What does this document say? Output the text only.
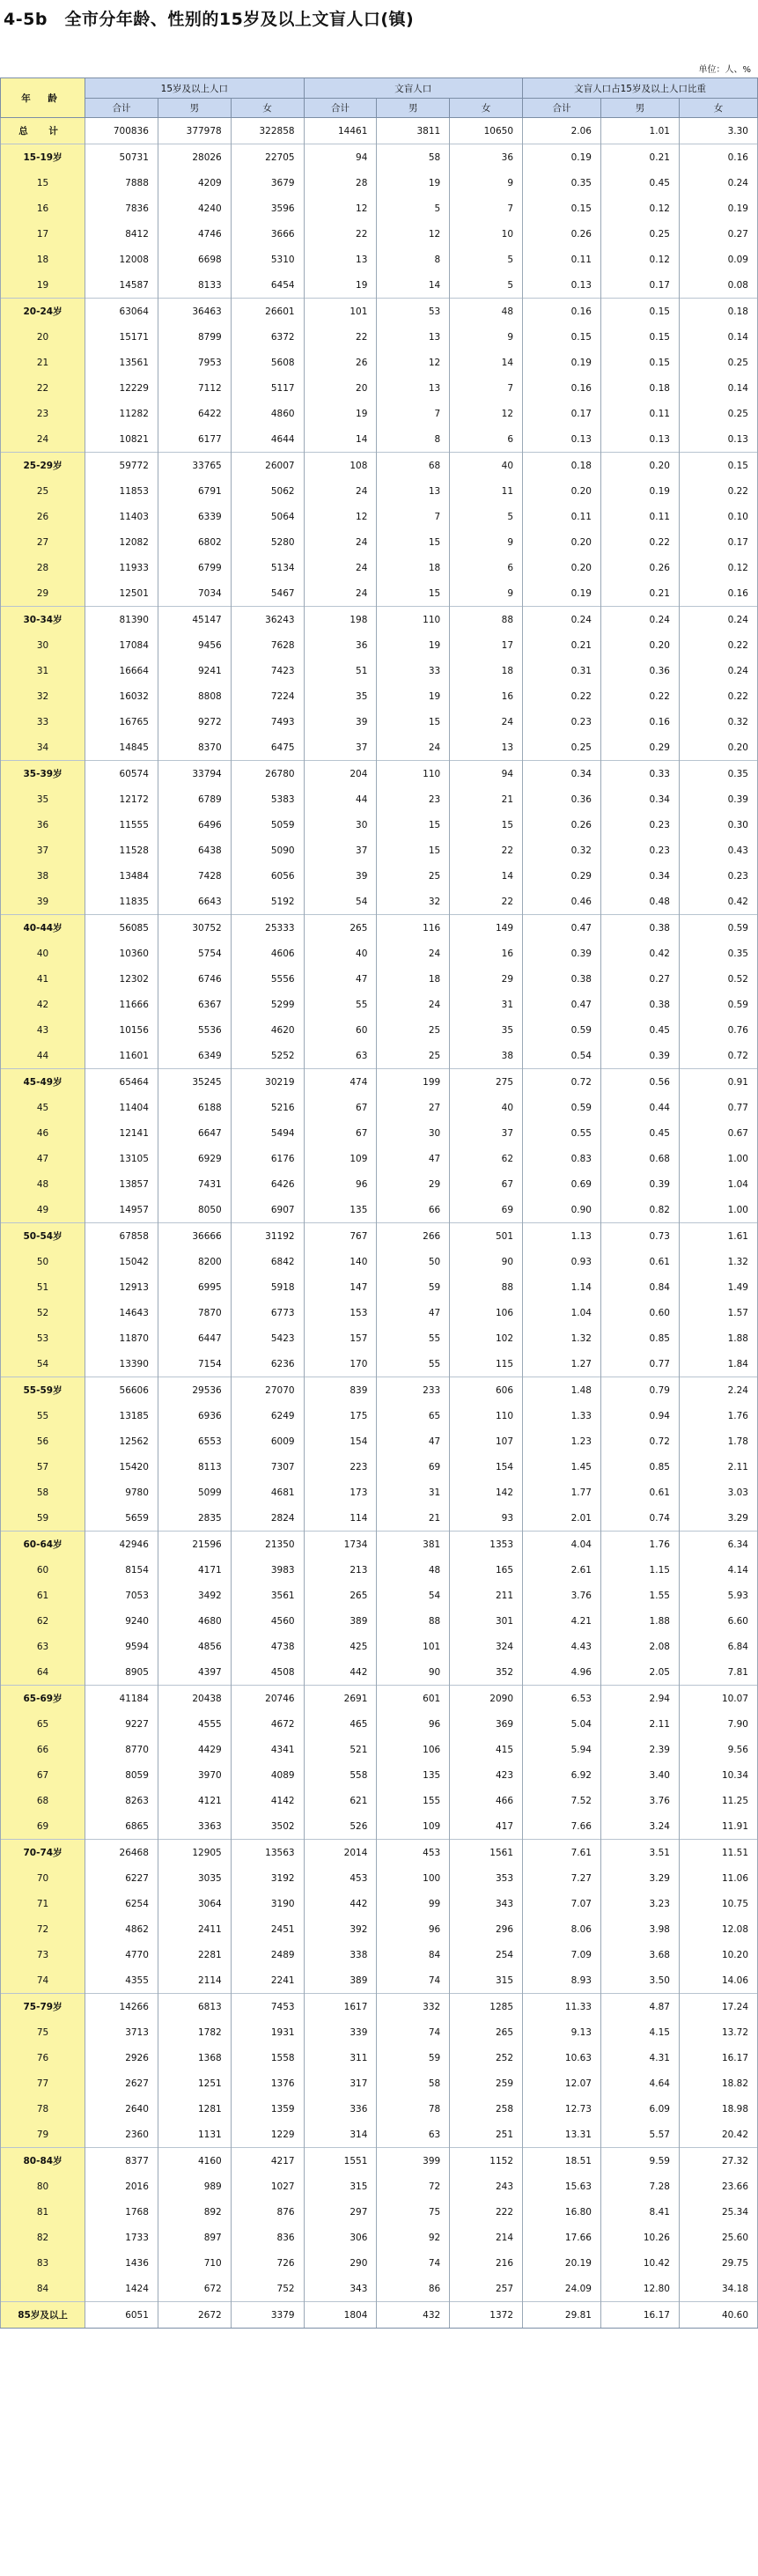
4-5b　全市分年龄、性别的15岁及以上文盲人口(镇)
单位：人、%
年 龄	15岁及以上人口			文盲人口			文盲人口占15岁及以上人口比重		
	合计	男	女	合计	男	女	合计	男	女
总 计	700836	377978	322858	14461	3811	10650	2.06	1.01	3.30
15-19岁	50731	28026	22705	94	58	36	0.19	0.21	0.16
15	7888	4209	3679	28	19	9	0.35	0.45	0.24
16	7836	4240	3596	12	5	7	0.15	0.12	0.19
17	8412	4746	3666	22	12	10	0.26	0.25	0.27
18	12008	6698	5310	13	8	5	0.11	0.12	0.09
19	14587	8133	6454	19	14	5	0.13	0.17	0.08
20-24岁	63064	36463	26601	101	53	48	0.16	0.15	0.18
20	15171	8799	6372	22	13	9	0.15	0.15	0.14
21	13561	7953	5608	26	12	14	0.19	0.15	0.25
22	12229	7112	5117	20	13	7	0.16	0.18	0.14
23	11282	6422	4860	19	7	12	0.17	0.11	0.25
24	10821	6177	4644	14	8	6	0.13	0.13	0.13
25-29岁	59772	33765	26007	108	68	40	0.18	0.20	0.15
25	11853	6791	5062	24	13	11	0.20	0.19	0.22
26	11403	6339	5064	12	7	5	0.11	0.11	0.10
27	12082	6802	5280	24	15	9	0.20	0.22	0.17
28	11933	6799	5134	24	18	6	0.20	0.26	0.12
29	12501	7034	5467	24	15	9	0.19	0.21	0.16
30-34岁	81390	45147	36243	198	110	88	0.24	0.24	0.24
30	17084	9456	7628	36	19	17	0.21	0.20	0.22
31	16664	9241	7423	51	33	18	0.31	0.36	0.24
32	16032	8808	7224	35	19	16	0.22	0.22	0.22
33	16765	9272	7493	39	15	24	0.23	0.16	0.32
34	14845	8370	6475	37	24	13	0.25	0.29	0.20
35-39岁	60574	33794	26780	204	110	94	0.34	0.33	0.35
35	12172	6789	5383	44	23	21	0.36	0.34	0.39
36	11555	6496	5059	30	15	15	0.26	0.23	0.30
37	11528	6438	5090	37	15	22	0.32	0.23	0.43
38	13484	7428	6056	39	25	14	0.29	0.34	0.23
39	11835	6643	5192	54	32	22	0.46	0.48	0.42
40-44岁	56085	30752	25333	265	116	149	0.47	0.38	0.59
40	10360	5754	4606	40	24	16	0.39	0.42	0.35
41	12302	6746	5556	47	18	29	0.38	0.27	0.52
42	11666	6367	5299	55	24	31	0.47	0.38	0.59
43	10156	5536	4620	60	25	35	0.59	0.45	0.76
44	11601	6349	5252	63	25	38	0.54	0.39	0.72
45-49岁	65464	35245	30219	474	199	275	0.72	0.56	0.91
45	11404	6188	5216	67	27	40	0.59	0.44	0.77
46	12141	6647	5494	67	30	37	0.55	0.45	0.67
47	13105	6929	6176	109	47	62	0.83	0.68	1.00
48	13857	7431	6426	96	29	67	0.69	0.39	1.04
49	14957	8050	6907	135	66	69	0.90	0.82	1.00
50-54岁	67858	36666	31192	767	266	501	1.13	0.73	1.61
50	15042	8200	6842	140	50	90	0.93	0.61	1.32
51	12913	6995	5918	147	59	88	1.14	0.84	1.49
52	14643	7870	6773	153	47	106	1.04	0.60	1.57
53	11870	6447	5423	157	55	102	1.32	0.85	1.88
54	13390	7154	6236	170	55	115	1.27	0.77	1.84
55-59岁	56606	29536	27070	839	233	606	1.48	0.79	2.24
55	13185	6936	6249	175	65	110	1.33	0.94	1.76
56	12562	6553	6009	154	47	107	1.23	0.72	1.78
57	15420	8113	7307	223	69	154	1.45	0.85	2.11
58	9780	5099	4681	173	31	142	1.77	0.61	3.03
59	5659	2835	2824	114	21	93	2.01	0.74	3.29
60-64岁	42946	21596	21350	1734	381	1353	4.04	1.76	6.34
60	8154	4171	3983	213	48	165	2.61	1.15	4.14
61	7053	3492	3561	265	54	211	3.76	1.55	5.93
62	9240	4680	4560	389	88	301	4.21	1.88	6.60
63	9594	4856	4738	425	101	324	4.43	2.08	6.84
64	8905	4397	4508	442	90	352	4.96	2.05	7.81
65-69岁	41184	20438	20746	2691	601	2090	6.53	2.94	10.07
65	9227	4555	4672	465	96	369	5.04	2.11	7.90
66	8770	4429	4341	521	106	415	5.94	2.39	9.56
67	8059	3970	4089	558	135	423	6.92	3.40	10.34
68	8263	4121	4142	621	155	466	7.52	3.76	11.25
69	6865	3363	3502	526	109	417	7.66	3.24	11.91
70-74岁	26468	12905	13563	2014	453	1561	7.61	3.51	11.51
70	6227	3035	3192	453	100	353	7.27	3.29	11.06
71	6254	3064	3190	442	99	343	7.07	3.23	10.75
72	4862	2411	2451	392	96	296	8.06	3.98	12.08
73	4770	2281	2489	338	84	254	7.09	3.68	10.20
74	4355	2114	2241	389	74	315	8.93	3.50	14.06
75-79岁	14266	6813	7453	1617	332	1285	11.33	4.87	17.24
75	3713	1782	1931	339	74	265	9.13	4.15	13.72
76	2926	1368	1558	311	59	252	10.63	4.31	16.17
77	2627	1251	1376	317	58	259	12.07	4.64	18.82
78	2640	1281	1359	336	78	258	12.73	6.09	18.98
79	2360	1131	1229	314	63	251	13.31	5.57	20.42
80-84岁	8377	4160	4217	1551	399	1152	18.51	9.59	27.32
80	2016	989	1027	315	72	243	15.63	7.28	23.66
81	1768	892	876	297	75	222	16.80	8.41	25.34
82	1733	897	836	306	92	214	17.66	10.26	25.60
83	1436	710	726	290	74	216	20.19	10.42	29.75
84	1424	672	752	343	86	257	24.09	12.80	34.18
85岁及以上	6051	2672	3379	1804	432	1372	29.81	16.17	40.60
